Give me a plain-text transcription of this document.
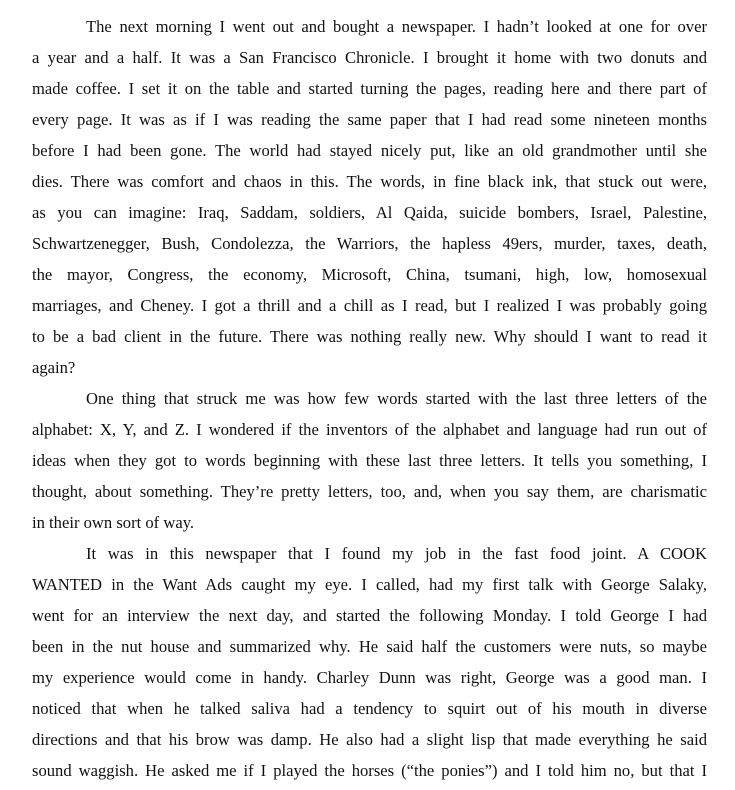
The next morning I went out and bought a newspaper. I hadn’t looked at one for over
a year and a half. It was a San Francisco Chronicle. I brought it home with two donuts and
made coffee. I set it on the table and started turning the pages, reading here and there part of
every page. It was as if I was reading the same paper that I had read some nineteen months
before I had been gone. The world had stayed nicely put, like an old grandmother until she
dies. There was comfort and chaos in this. The words, in fine black ink, that stuck out were,
as you can imagine: Iraq, Saddam, soldiers, Al Qaida, suicide bombers, Israel, Palestine,
Schwartzenegger, Bush, Condolezza, the Warriors, the hapless 49ers, murder, taxes, death,
the mayor, Congress, the economy, Microsoft, China, tsumani, high, low, homosexual
marriages, and Cheney. I got a thrill and a chill as I read, but I realized I was probably going
to be a bad client in the future. There was nothing really new. Why should I want to read it
again?
One thing that struck me was how few words started with the last three letters of the
alphabet: X, Y, and Z. I wondered if the inventors of the alphabet and language had run out of
ideas when they got to words beginning with these last three letters. It tells you something, I
thought, about something. They’re pretty letters, too, and, when you say them, are charismatic
in their own sort of way.
It was in this newspaper that I found my job in the fast food joint. A COOK
WANTED in the Want Ads caught my eye. I called, had my first talk with George Salaky,
went for an interview the next day, and started the following Monday. I told George I had
been in the nut house and summarized why. He said half the customers were nuts, so maybe
my experience would come in handy. Charley Dunn was right, George was a good man. I
noticed that when he talked saliva had a tendency to squirt out of his mouth in diverse
directions and that his brow was damp. He also had a slight lisp that made everything he said
sound waggish. He asked me if I played the horses (“the ponies”) and I told him no, but that I
